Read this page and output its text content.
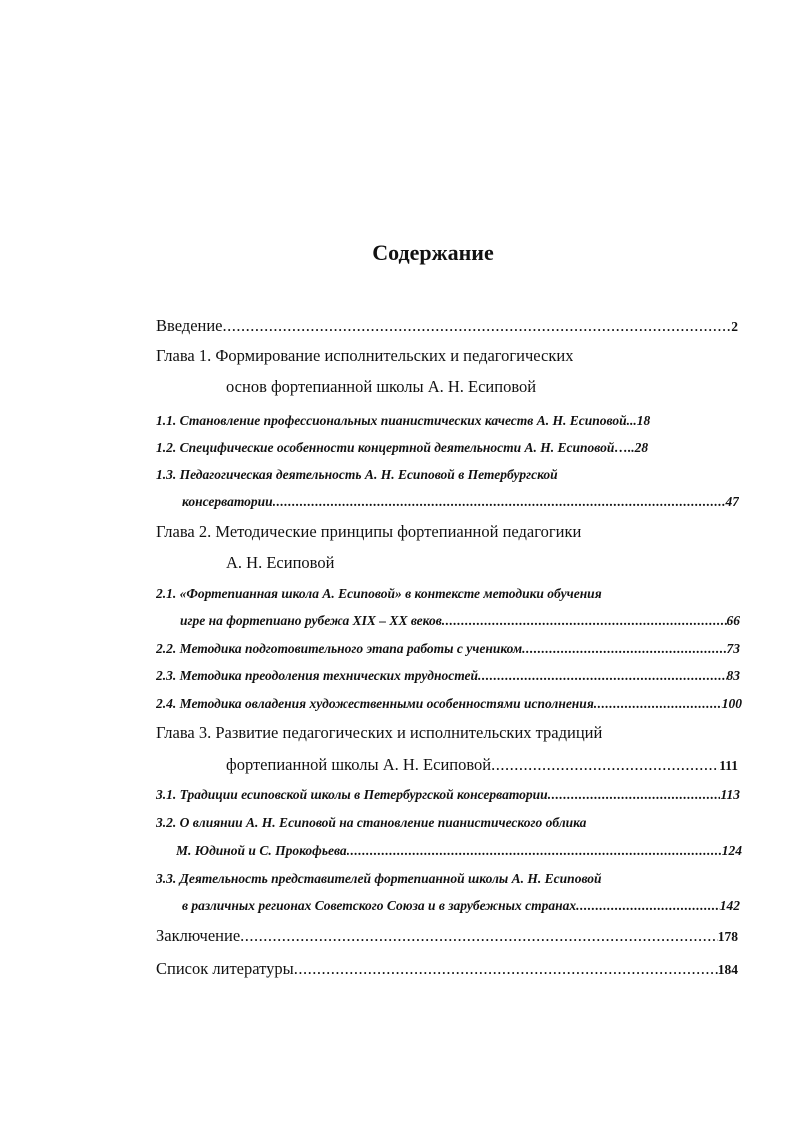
Содержание
Введение .....	2
Глава 1. Формирование исполнительских и педагогических
основ фортепианной школы А. Н. Есиповой
1.1. Становление профессиональных пианистических качеств А. Н. Есиповой... 18
1.2. Специфические особенности концертной деятельности А. Н. Есиповой….. 28
1.3. Педагогическая деятельность А. Н. Есиповой в Петербургской
консерватории .....	47
Глава 2. Методические принципы фортепианной педагогики
А. Н. Есиповой
2.1. «Фортепианная школа А. Есиповой» в контексте методики обучения
игре на фортепиано рубежа XIX – XX веков .....	66
2.2. Методика подготовительного этапа работы с учеником .....	73
2.3. Методика преодоления технических трудностей .....	83
2.4. Методика овладения художественными особенностями исполнения .....	100
Глава 3. Развитие педагогических и исполнительских традиций
фортепианной школы А. Н. Есиповой .....	111
3.1. Традиции есиповской школы в Петербургской консерватории .....	113
3.2. О влиянии А. Н. Есиповой на становление пианистического облика
М. Юдиной и С. Прокофьева .....	124
3.3. Деятельность представителей фортепианной школы А. Н. Есиповой
в различных регионах Советского Союза и в зарубежных странах .....	142
Заключение .....	178
Список литературы .....	184
